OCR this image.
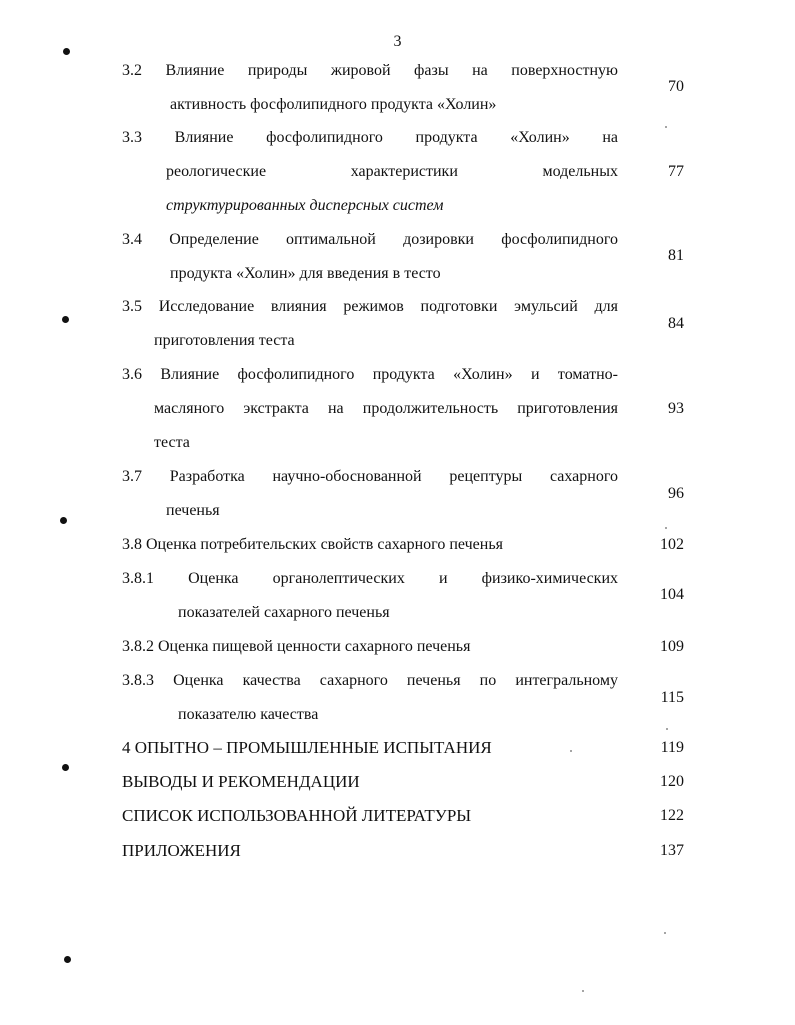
3
3.2 Влияние природы жировой фазы на поверхностную
активность фосфолипидного продукта «Холин»
70
3.3 Влияние фосфолипидного продукта «Холин» на
реологические характеристики модельных
структурированных дисперсных систем
77
3.4 Определение оптимальной дозировки фосфолипидного
продукта «Холин» для введения в тесто
81
3.5 Исследование влияния режимов подготовки эмульсий для
приготовления теста
84
3.6 Влияние фосфолипидного продукта «Холин» и томатно-
масляного экстракта на продолжительность приготовления
теста
93
3.7 Разработка научно-обоснованной рецептуры сахарного
печенья
96
3.8 Оценка потребительских свойств сахарного печенья	102
3.8.1 Оценка органолептических и физико-химических
показателей сахарного печенья
104
3.8.2 Оценка пищевой ценности сахарного печенья	109
3.8.3 Оценка качества сахарного печенья по интегральному
показателю качества
115
4 ОПЫТНО – ПРОМЫШЛЕННЫЕ ИСПЫТАНИЯ	119
ВЫВОДЫ И РЕКОМЕНДАЦИИ	120
СПИСОК ИСПОЛЬЗОВАННОЙ ЛИТЕРАТУРЫ	122
ПРИЛОЖЕНИЯ	137
